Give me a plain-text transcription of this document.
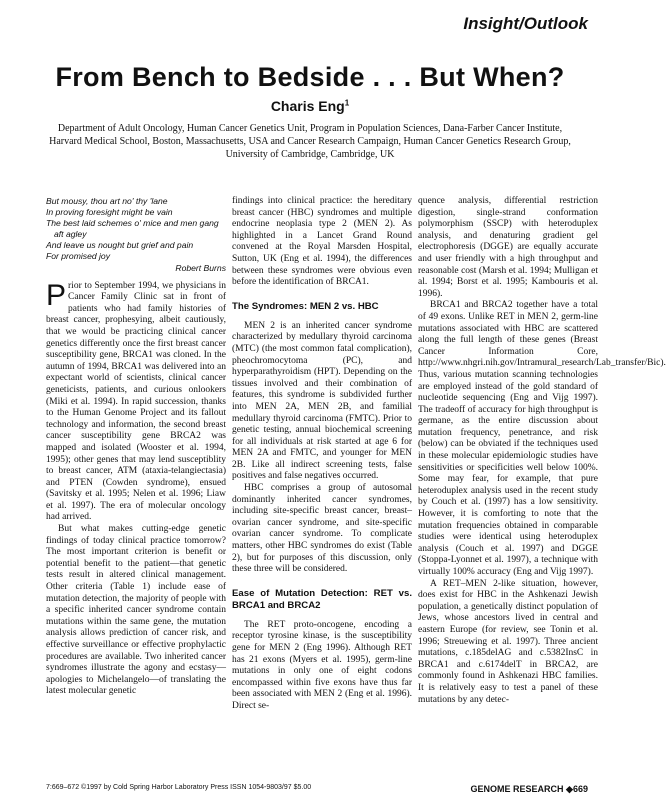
Insight/Outlook
From Bench to Bedside . . . But When?
Charis Eng$^1$
Department of Adult Oncology, Human Cancer Genetics Unit, Program in Population Sciences, Dana-Farber Cancer Institute, Harvard Medical School, Boston, Massachusetts, USA and Cancer Research Campaign, Human Cancer Genetics Research Group, University of Cambridge, Cambridge, UK
But mousy, thou art no' thy 'lane
In proving foresight might be vain
The best laid schemes o' mice and men gang
aft agley
And leave us nought but grief and pain
For promised joy
Robert Burns

Prior to September 1994, we physicians in Cancer Family Clinic sat in front of patients who had family histories of breast cancer, prophesying, albeit cautiously, that we would be practicing clinical cancer genetics differently once the first breast cancer susceptibility gene, BRCA1 was cloned. In the autumn of 1994, BRCA1 was delivered into an expectant world of scientists, clinical cancer geneticists, patients, and curious onlookers (Miki et al. 1994). In rapid succession, thanks to the Human Genome Project and its fallout technology and information, the second breast cancer susceptibility gene BRCA2 was mapped and isolated (Wooster et al. 1994, 1995); other genes that may lend susceptiblity to breast cancer, ATM (ataxia-telangiectasia) and PTEN (Cowden syndrome), ensued (Savitsky et al. 1995; Nelen et al. 1996; Liaw et al. 1997). The era of molecular oncology had arrived.

But what makes cutting-edge genetic findings of today clinical practice tomorrow? The most important criterion is benefit or potential benefit to the patient—that genetic tests result in altered clinical management. Other criteria (Table 1) include ease of mutation detection, the majority of people with a specific inherited cancer syndrome contain mutations within the same gene, the mutation analysis allows prediction of cancer risk, and effective surveillance or effective prophylactic procedures are available. Two inherited cancer syndromes illustrate the agony and ecstasy—apologies to Michelangelo—of translating the latest molecular genetic

findings into clinical practice: the hereditary breast cancer (HBC) syndromes and multiple endocrine neoplasia type 2 (MEN 2). As highlighted in a Lancet Grand Round convened at the Royal Marsden Hospital, Sutton, UK (Eng et al. 1994), the differences between these syndromes were obvious even before the identification of BRCA1.

The Syndromes: MEN 2 vs. HBC

MEN 2 is an inherited cancer syndrome characterized by medullary thyroid carcinoma (MTC) (the most common fatal complication), pheochromocytoma (PC), and hyperparathyroidism (HPT). Depending on the tissues involved and their combination of features, this syndrome is subdivided further into MEN 2A, MEN 2B, and familial medullary thyroid carcinoma (FMTC). Prior to genetic testing, annual biochemical screening for all individuals at risk started at age 6 for MEN 2A and FMTC, and younger for MEN 2B. Like all indirect screening tests, false positives and false negatives occurred.

HBC comprises a group of autosomal dominantly inherited cancer syndromes, including site-specific breast cancer, breast–ovarian cancer syndrome, and site-specific ovarian cancer syndrome. To complicate matters, other HBC syndromes do exist (Table 2), but for purposes of this discussion, only these three will be considered.

Ease of Mutation Detection: RET vs. BRCA1 and BRCA2

The RET proto-oncogene, encoding a receptor tyrosine kinase, is the susceptibility gene for MEN 2 (Eng 1996). Although RET has 21 exons (Myers et al. 1995), germ-line mutations in only one of eight codons encompassed within five exons have thus far been associated with MEN 2 (Eng et al. 1996). Direct se-

quence analysis, differential restriction digestion, single-strand conformation polymorphism (SSCP) with heteroduplex analysis, and denaturing gradient gel electrophoresis (DGGE) are equally accurate and user friendly with a high throughput and reasonable cost (Marsh et al. 1994; Mulligan et al. 1994; Borst et al. 1995; Kambouris et al. 1996).

BRCA1 and BRCA2 together have a total of 49 exons. Unlike RET in MEN 2, germ-line mutations associated with HBC are scattered along the full length of these genes (Breast Cancer Information Core, http://www.nhgri.nih.gov/Intramural_research/Lab_transfer/Bic). Thus, various mutation scanning technologies are employed instead of the gold standard of nucleotide sequencing (Eng and Vijg 1997). The tradeoff of accuracy for high throughput is germane, as the entire discussion about mutation frequency, penetrance, and risk (below) can be obviated if the techniques used in these molecular epidemiologic studies have sensitivities or specificities well below 100%. Some may fear, for example, that pure heteroduplex analysis used in the recent study by Couch et al. (1997) has a low sensitivity. However, it is comforting to note that the mutation frequencies obtained in comparable studies were identical using heteroduplex analysis (Couch et al. 1997) and DGGE (Stoppa-Lyonnet et al. 1997), a technique with virtually 100% accuracy (Eng and Vijg 1997).

A RET–MEN 2-like situation, however, does exist for HBC in the Ashkenazi Jewish population, a genetically distinct population of Jews, whose ancestors lived in central and eastern Europe (for review, see Tonin et al. 1996; Streuewing et al. 1997). Three ancient mutations, c.185delAG and c.5382InsC in BRCA1 and c.6174delT in BRCA2, are commonly found in Ashkenazi HBC families. It is relatively easy to test a panel of these mutations by any detec-

7:669–672 ©1997 by Cold Spring Harbor Laboratory Press ISSN 1054-9803/97 $5.00	GENOME RESEARCH ◆669
